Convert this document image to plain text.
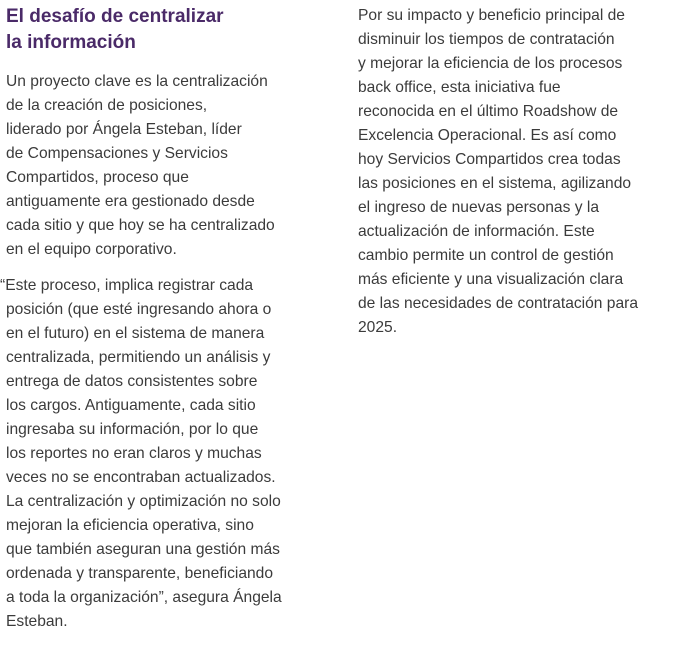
El desafío de centralizar
la información

Un proyecto clave es la centralización
de la creación de posiciones,
liderado por Ángela Esteban, líder
de Compensaciones y Servicios
Compartidos, proceso que
antiguamente era gestionado desde
cada sitio y que hoy se ha centralizado
en el equipo corporativo.

“Este proceso, implica registrar cada
posición (que esté ingresando ahora o
en el futuro) en el sistema de manera
centralizada, permitiendo un análisis y
entrega de datos consistentes sobre
los cargos. Antiguamente, cada sitio
ingresaba su información, por lo que
los reportes no eran claros y muchas
veces no se encontraban actualizados.
La centralización y optimización no solo
mejoran la eficiencia operativa, sino
que también aseguran una gestión más
ordenada y transparente, beneficiando
a toda la organización”, asegura Ángela
Esteban.

Por su impacto y beneficio principal de
disminuir los tiempos de contratación
y mejorar la eficiencia de los procesos
back office, esta iniciativa fue
reconocida en el último Roadshow de
Excelencia Operacional. Es así como
hoy Servicios Compartidos crea todas
las posiciones en el sistema, agilizando
el ingreso de nuevas personas y la
actualización de información. Este
cambio permite un control de gestión
más eficiente y una visualización clara
de las necesidades de contratación para
2025.
